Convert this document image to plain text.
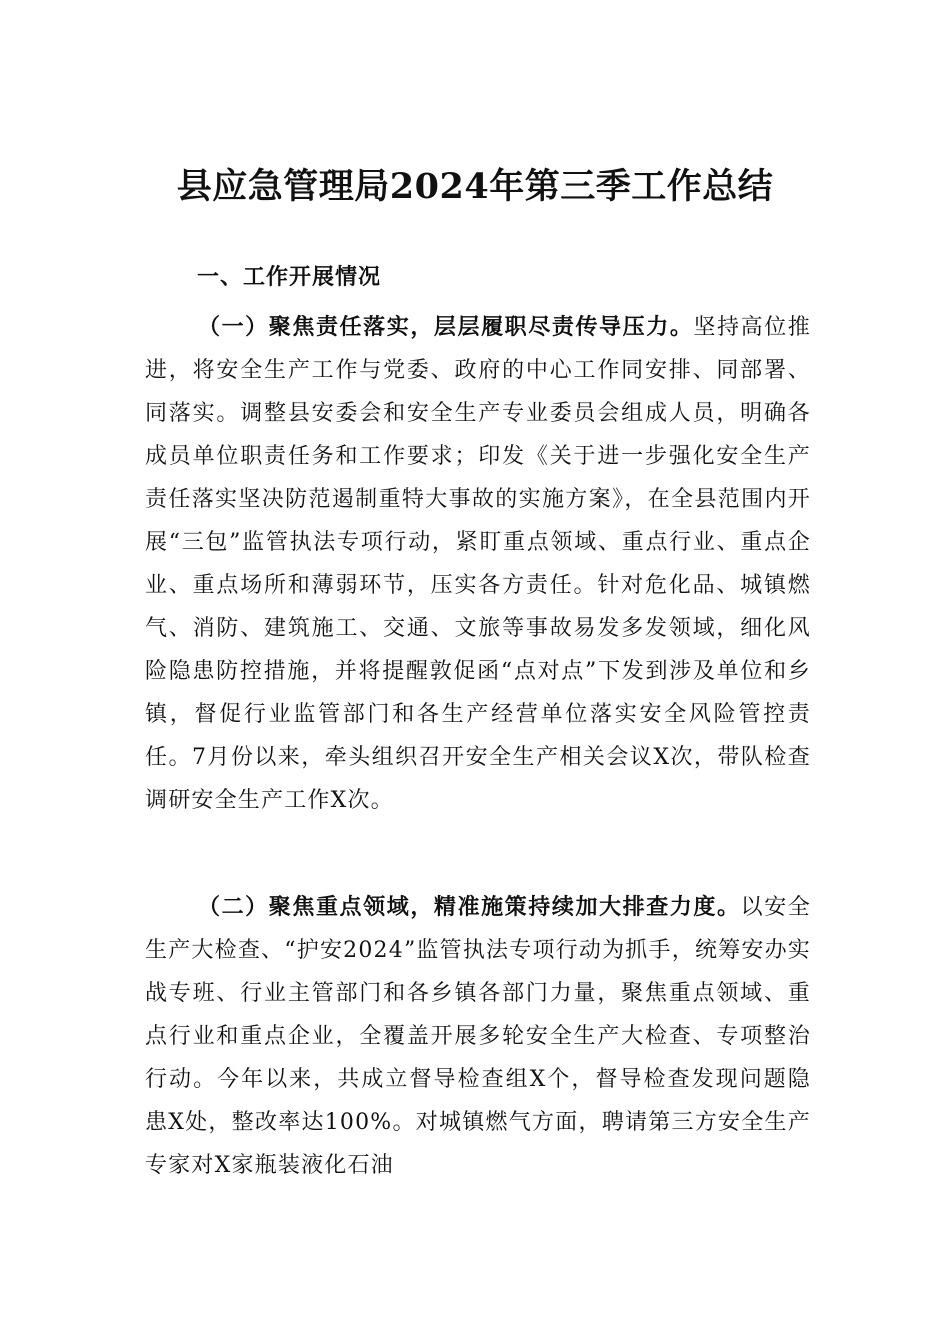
县应急管理局2024年第三季工作总结
一、工作开展情况

（一）聚焦责任落实，层层履职尽责传导压力。坚持高位推进，将安全生产工作与党委、政府的中心工作同安排、同部署、同落实。调整县安委会和安全生产专业委员会组成人员，明确各成员单位职责任务和工作要求；印发《关于进一步强化安全生产责任落实坚决防范遏制重特大事故的实施方案》，在全县范围内开展“三包”监管执法专项行动，紧盯重点领域、重点行业、重点企业、重点场所和薄弱环节，压实各方责任。针对危化品、城镇燃气、消防、建筑施工、交通、文旅等事故易发多发领域，细化风险隐患防控措施，并将提醒敦促函“点对点”下发到涉及单位和乡镇，督促行业监管部门和各生产经营单位落实安全风险管控责任。7月份以来，牵头组织召开安全生产相关会议X次，带队检查调研安全生产工作X次。

（二）聚焦重点领域，精准施策持续加大排查力度。以安全生产大检查、“护安2024”监管执法专项行动为抓手，统筹安办实战专班、行业主管部门和各乡镇各部门力量，聚焦重点领域、重点行业和重点企业，全覆盖开展多轮安全生产大检查、专项整治行动。今年以来，共成立督导检查组X个，督导检查发现问题隐患X处，整改率达100%。对城镇燃气方面，聘请第三方安全生产专家对X家瓶装液化石油
